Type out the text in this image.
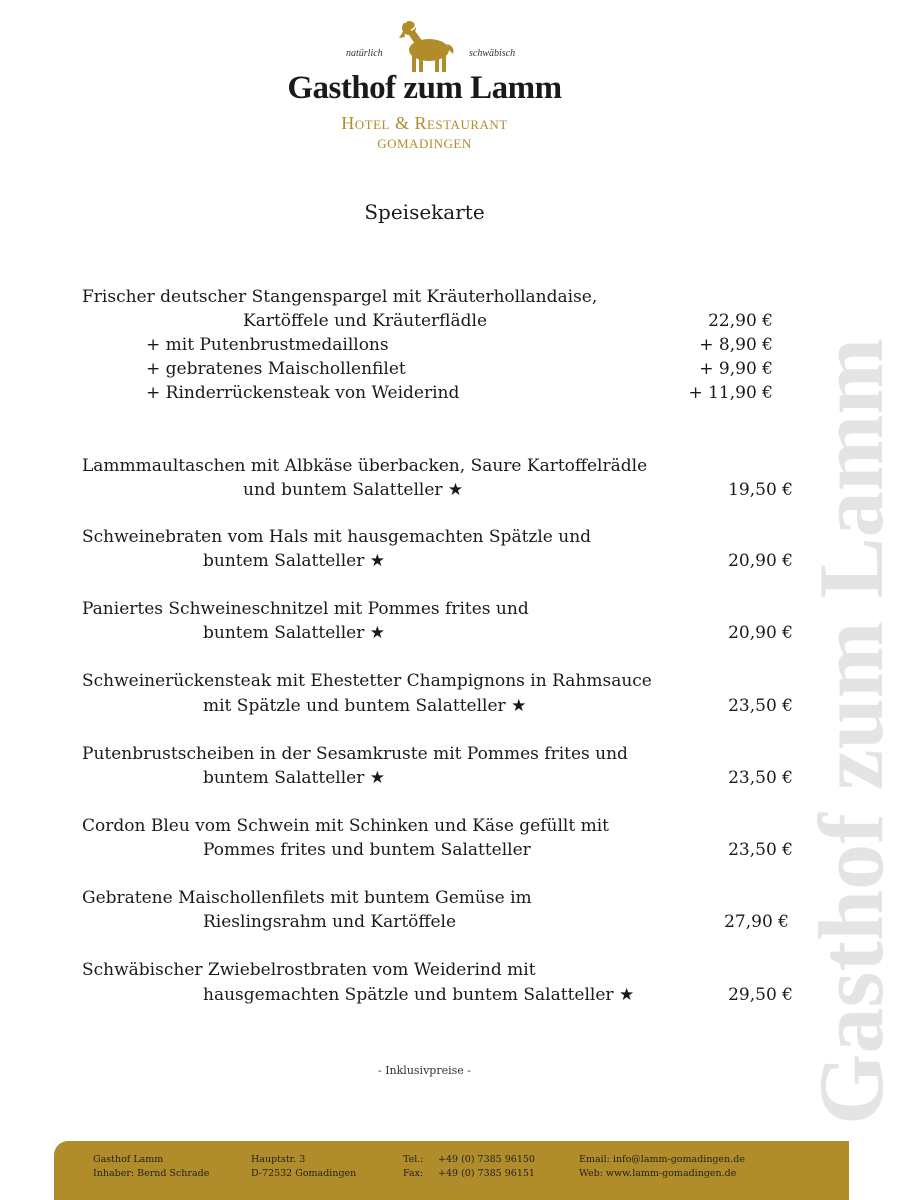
natürlich	schwäbisch
Gasthof zum Lamm
Hotel & Restaurant
GOMADINGEN
Speisekarte
Frischer deutscher Stangenspargel mit Kräuterhollandaise,
Kartöffele und Kräuterflädle	22,90 €
+ mit Putenbrustmedaillons	+ 8,90 €
+ gebratenes Maischollenfilet	+ 9,90 €
+ Rinderrückensteak von Weiderind	+ 11,90 €
Lammmaultaschen mit Albkäse überbacken, Saure Kartoffelrädle
und buntem Salatteller ★	19,50 €
Schweinebraten vom Hals mit hausgemachten Spätzle und
buntem Salatteller ★	20,90 €
Paniertes Schweineschnitzel mit Pommes frites und
buntem Salatteller ★	20,90 €
Schweinerückensteak mit Ehestetter Champignons in Rahmsauce
mit Spätzle und buntem Salatteller ★	23,50 €
Putenbrustscheiben in der Sesamkruste mit Pommes frites und
buntem Salatteller ★	23,50 €
Cordon Bleu vom Schwein mit Schinken und Käse gefüllt mit
Pommes frites und buntem Salatteller	23,50 €
Gebratene Maischollenfilets mit buntem Gemüse im
Rieslingsrahm und Kartöffele	27,90 €
Schwäbischer Zwiebelrostbraten vom Weiderind mit
hausgemachten Spätzle und buntem Salatteller ★	29,50 €
- Inklusivpreise -	Gasthof zum Lamm
Gasthof Lamm
Inhaber: Bernd Schrade
Hauptstr. 3
D-72532 Gomadingen
Tel.: +49 (0) 7385 96150
Fax: +49 (0) 7385 96151
Email: info@lamm-gomadingen.de
Web: www.lamm-gomadingen.de
